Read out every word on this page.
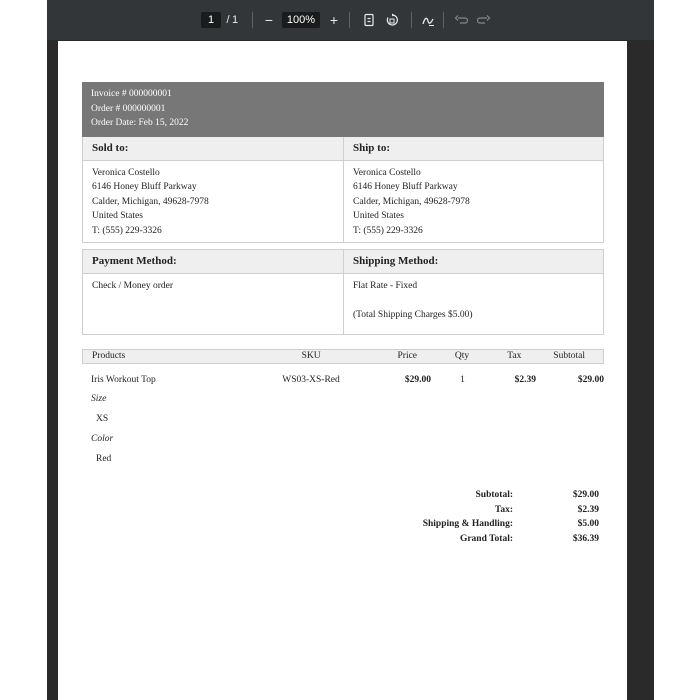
1	/ 1 −	100%	+
Invoice # 000000001
Order # 000000001
Order Date: Feb 15, 2022
Sold to:
Veronica Costello
6146 Honey Bluff Parkway
Calder, Michigan, 49628-7978
United States
T: (555) 229-3326
Ship to:
Veronica Costello
6146 Honey Bluff Parkway
Calder, Michigan, 49628-7978
United States
T: (555) 229-3326
Payment Method:
Check / Money order
Shipping Method:
Flat Rate - Fixed
(Total Shipping Charges $5.00)
Products	SKU	Price	Qty	Tax	Subtotal
Iris Workout Top	WS03-XS-Red	$29.00	1	$2.39	$29.00
Size
XS
Color
Red
Subtotal:	$29.00
Tax:	$2.39
Shipping & Handling:	$5.00
Grand Total:	$36.39
